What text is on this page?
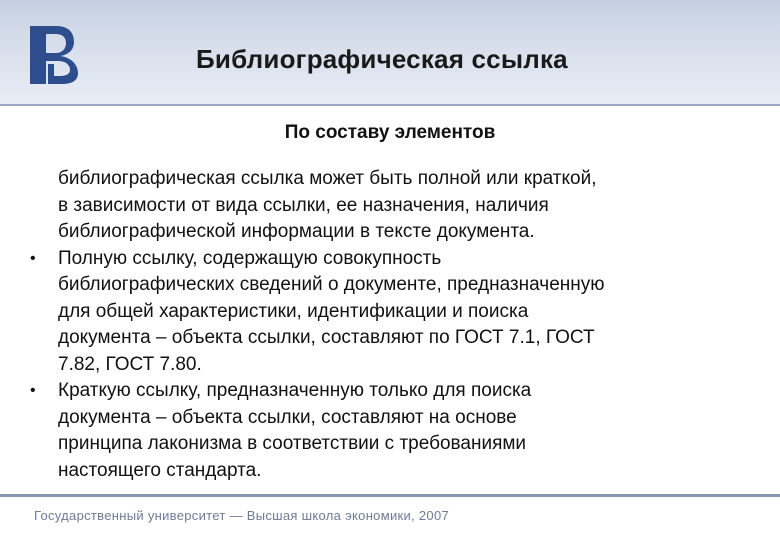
Библиографическая ссылка
По составу элементов
библиографическая ссылка может быть полной или краткой,
в зависимости от вида ссылки, ее назначения, наличия
библиографической информации в тексте документа.
•	Полную ссылку, содержащую совокупность
библиографических сведений о документе, предназначенную
для общей характеристики, идентификации и поиска
документа – объекта ссылки, составляют по ГОСТ 7.1, ГОСТ
7.82, ГОСТ 7.80.
•	Краткую ссылку, предназначенную только для поиска
документа – объекта ссылки, составляют на основе
принципа лаконизма в соответствии с требованиями
настоящего стандарта.
Государственный университет — Высшая школа экономики, 2007
